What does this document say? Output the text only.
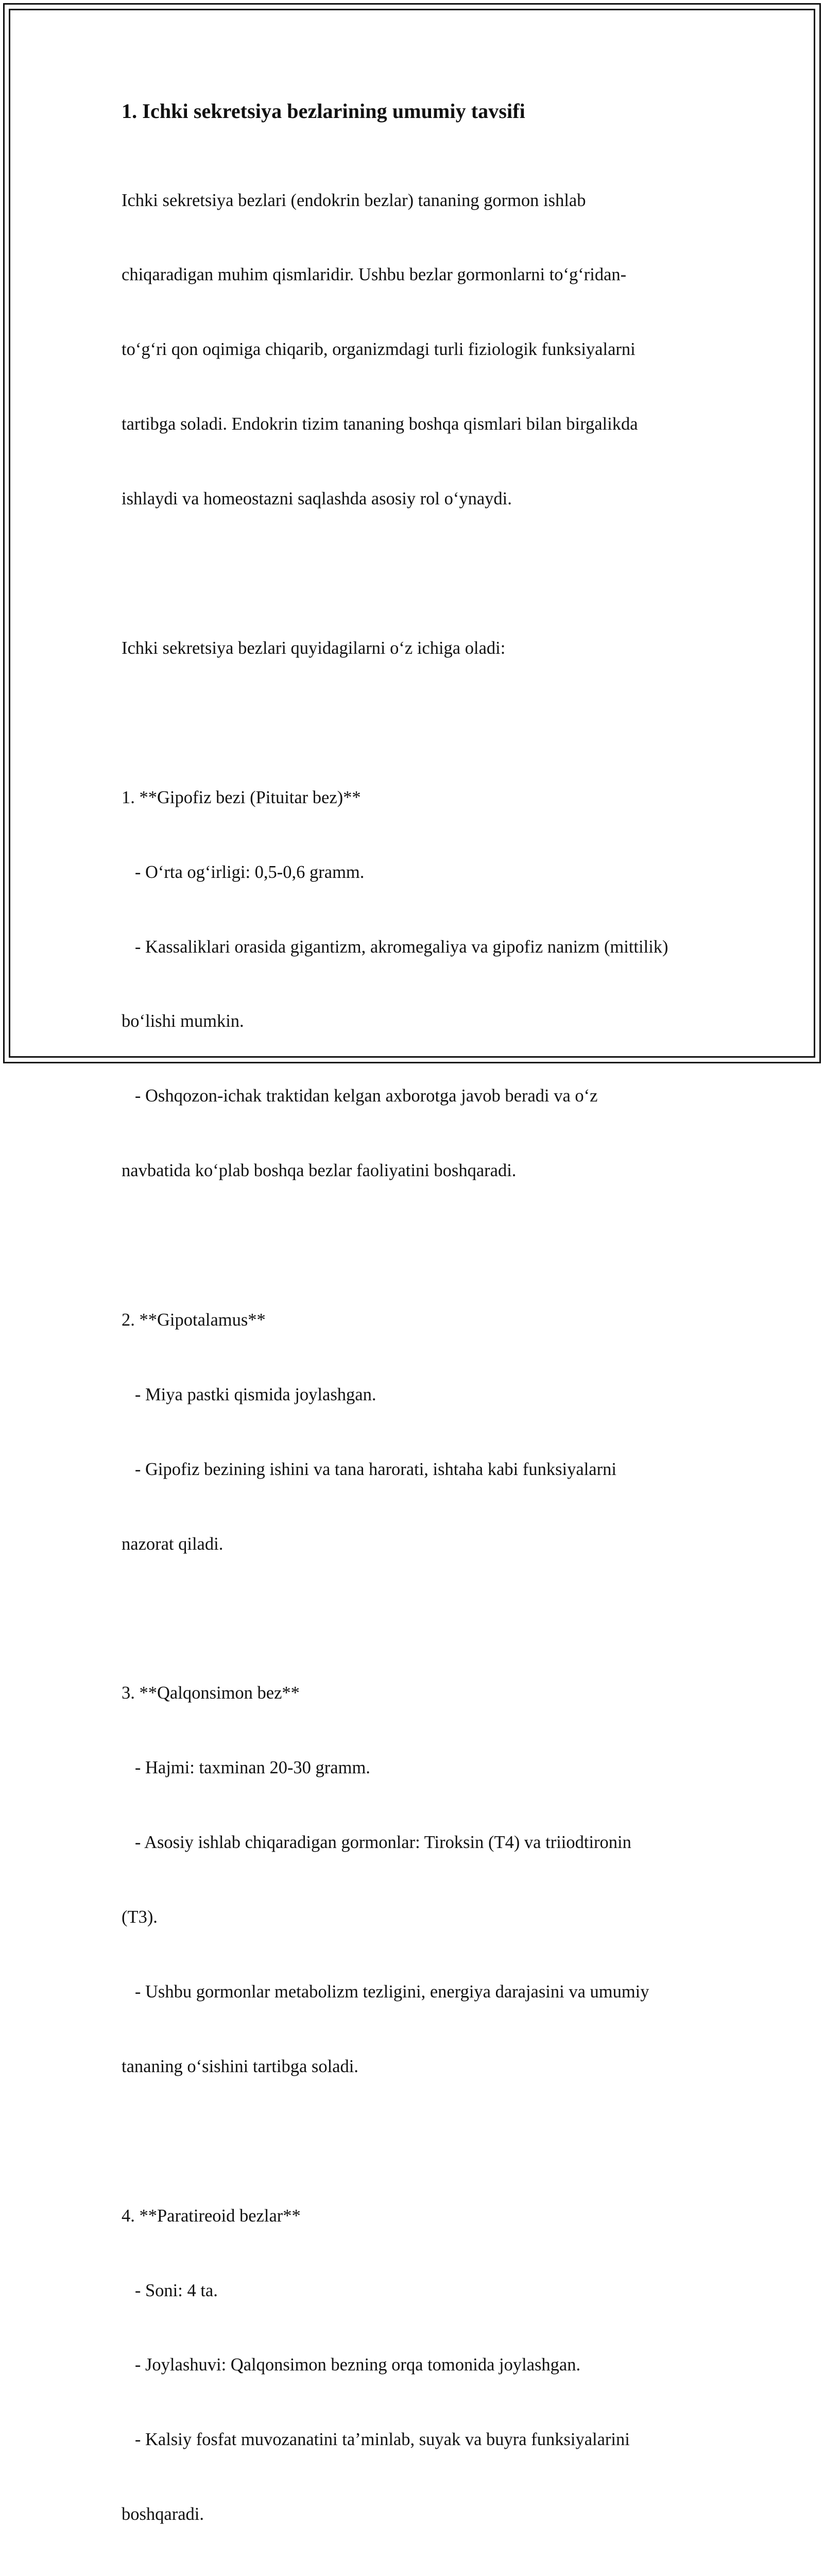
1. Ichki sekretsiya bezlarining umumiy tavsifi

Ichki sekretsiya bezlari (endokrin bezlar) tananing gormon ishlab

chiqaradigan muhim qismlaridir. Ushbu bezlar gormonlarni to‘g‘ridan-

to‘g‘ri qon oqimiga chiqarib, organizmdagi turli fiziologik funksiyalarni

tartibga soladi. Endokrin tizim tananing boshqa qismlari bilan birgalikda

ishlaydi va homeostazni saqlashda asosiy rol o‘ynaydi.

Ichki sekretsiya bezlari quyidagilarni o‘z ichiga oladi:

1. **Gipofiz bezi (Pituitar bez)**

- O‘rta og‘irligi: 0,5-0,6 gramm.

- Kassaliklari orasida gigantizm, akromegaliya va gipofiz nanizm (mittilik)

bo‘lishi mumkin.

- Oshqozon-ichak traktidan kelgan axborotga javob beradi va o‘z

navbatida ko‘plab boshqa bezlar faoliyatini boshqaradi.

2. **Gipotalamus**

- Miya pastki qismida joylashgan.

- Gipofiz bezining ishini va tana harorati, ishtaha kabi funksiyalarni

nazorat qiladi.

3. **Qalqonsimon bez**

- Hajmi: taxminan 20-30 gramm.

- Asosiy ishlab chiqaradigan gormonlar: Tiroksin (T4) va triiodtironin

(T3).

- Ushbu gormonlar metabolizm tezligini, energiya darajasini va umumiy

tananing o‘sishini tartibga soladi.

4. **Paratireoid bezlar**

- Soni: 4 ta.

- Joylashuvi: Qalqonsimon bezning orqa tomonida joylashgan.

- Kalsiy fosfat muvozanatini ta’minlab, suyak va buyra funksiyalarini

boshqaradi.
